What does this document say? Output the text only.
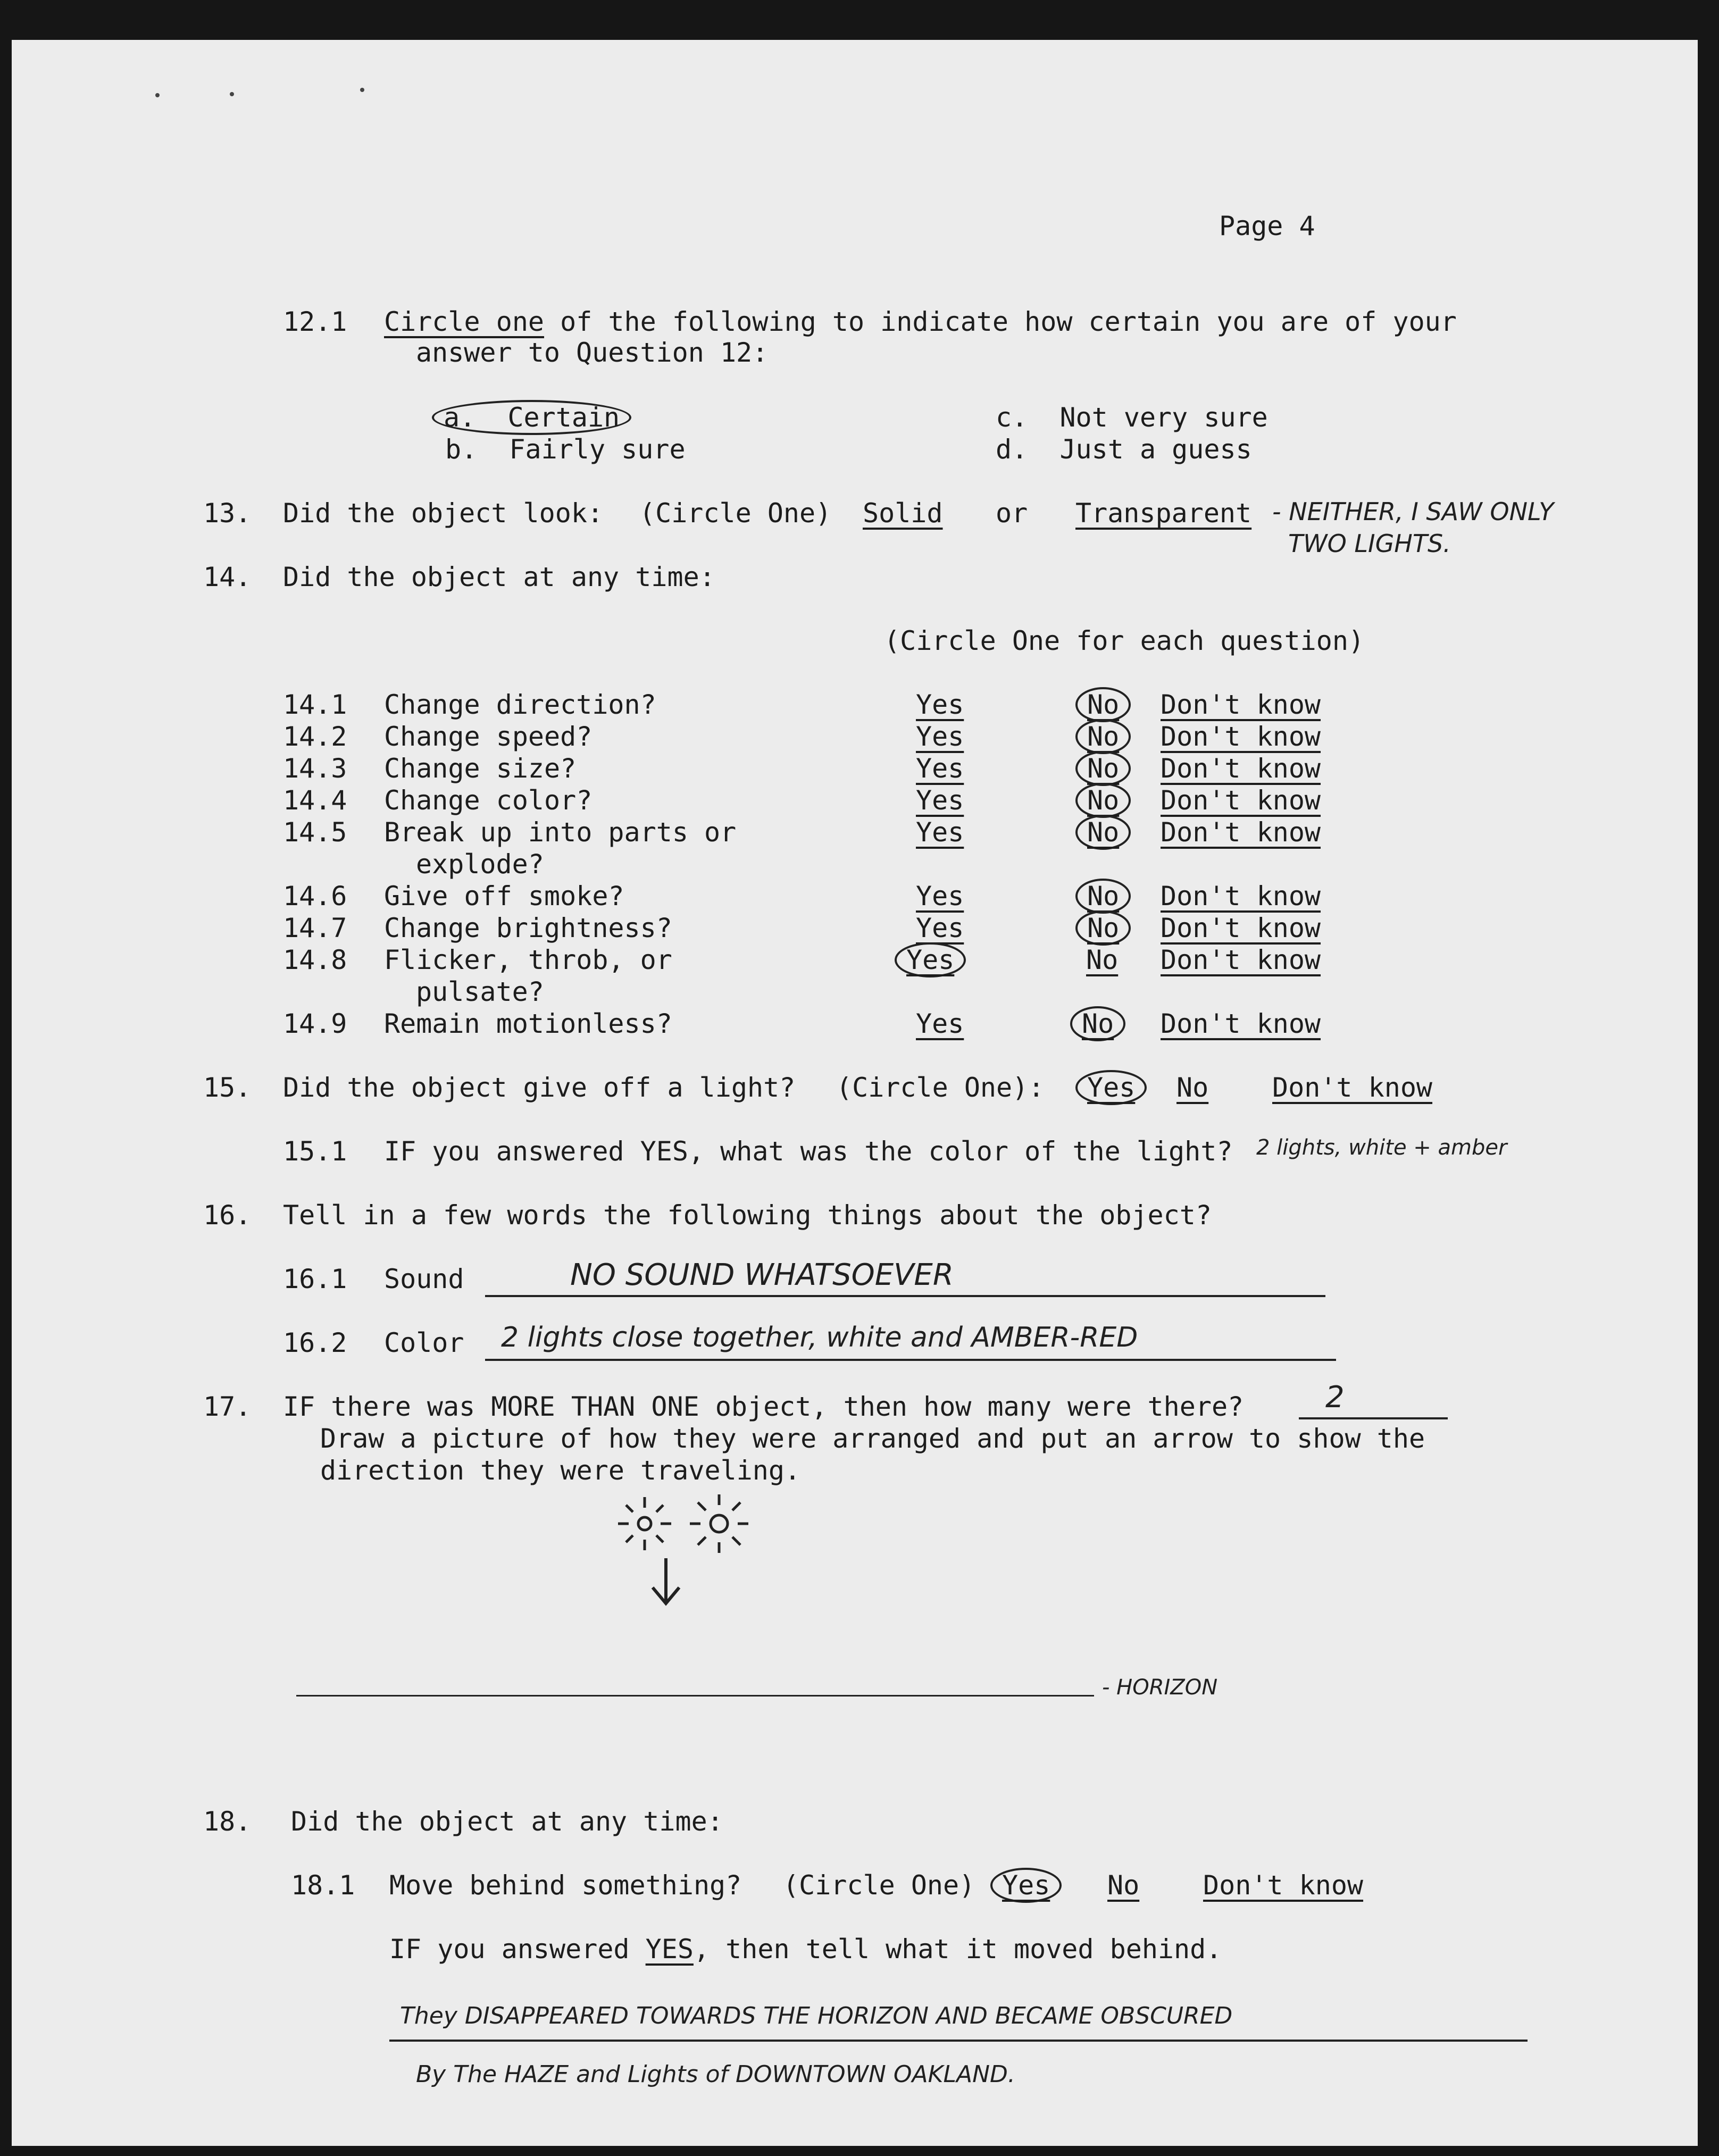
Page 4
12.1 Circle one of the following to indicate how certain you are of your
answer to Question 12:
a. Certain
b. Fairly sure
c. Not very sure
d. Just a guess
13. Did the object look: (Circle One) Solid or Transparent - NEITHER, I SAW ONLY
TWO LIGHTS.
14. Did the object at any time:
(Circle One for each question)
14.1 Change direction?	Yes	No	Don't know
14.2 Change speed?	Yes	No	Don't know
14.3 Change size?	Yes	No	Don't know
14.4 Change color?	Yes	No	Don't know
14.5 Break up into parts or
explode?
Yes	No	Don't know
14.6 Give off smoke?	Yes	No	Don't know
14.7 Change brightness?	Yes	No	Don't know
14.8 Flicker, throb, or
pulsate?
Yes	No Don't know
14.9 Remain motionless?	Yes	No	Don't know
15. Did the object give off a light? (Circle One):	Yes	No Don't know
15.1 IF you answered YES, what was the color of the light? 2 lights, white + amber
16. Tell in a few words the following things about the object?
16.1 Sound	NO SOUND WHATSOEVER
16.2 Color 2 lights close together, white and AMBER-RED
17. IF there was MORE THAN ONE object, then how many were there?	2
Draw a picture of how they were arranged and put an arrow to show the
direction they were traveling.
- HORIZON
18. Did the object at any time:
18.1 Move behind something? (Circle One)	Yes	No Don't know
IF you answered YES, then tell what it moved behind.
They DISAPPEARED TOWARDS THE HORIZON AND BECAME OBSCURED
By The HAZE and Lights of DOWNTOWN OAKLAND.
